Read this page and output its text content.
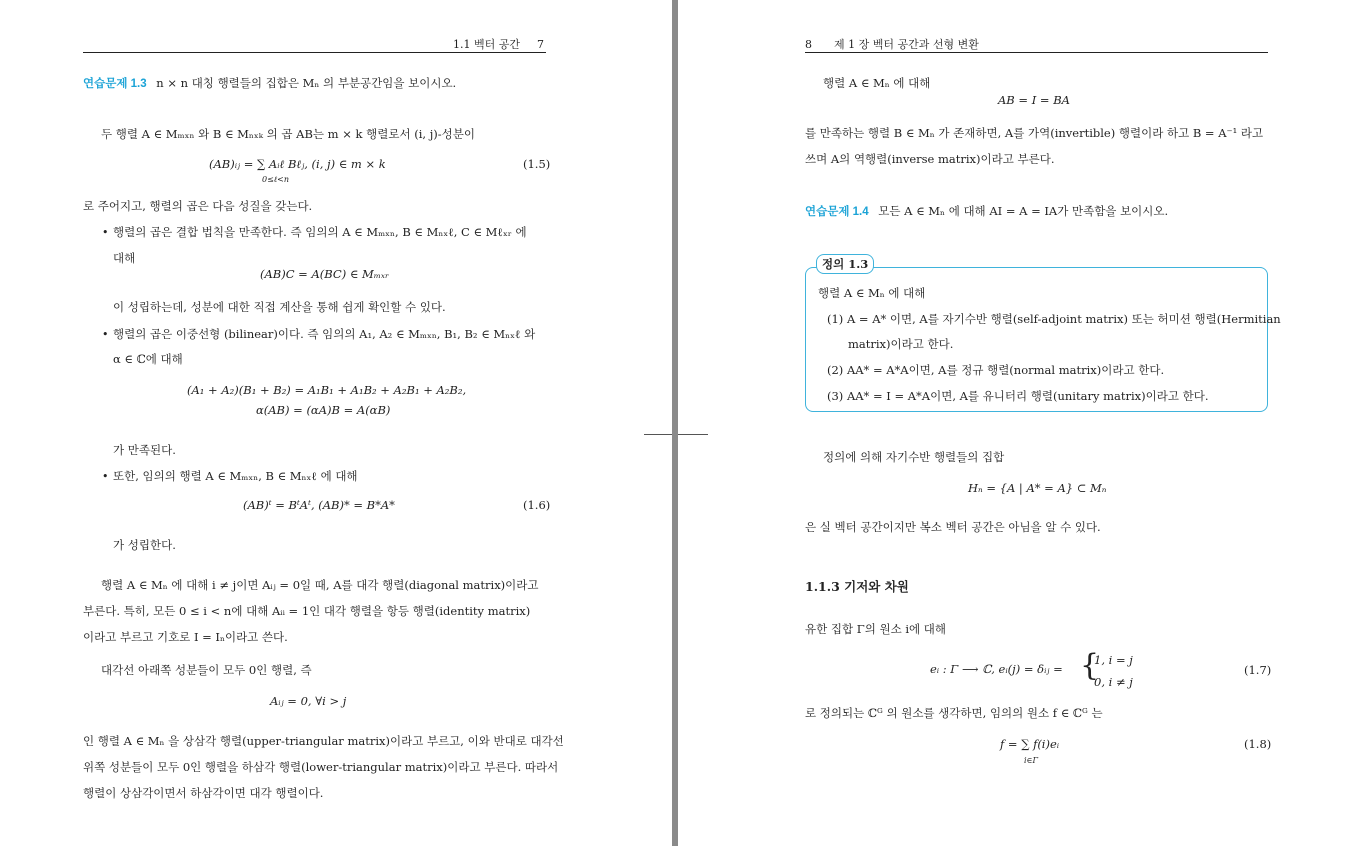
1.1 벡터 공간 7
연습문제 1.3 n × n 대칭 행렬들의 집합은 Mₙ 의 부분공간임을 보이시오.
두 행렬 A ∈ Mₘₓₙ 와 B ∈ Mₙₓₖ 의 곱 AB는 m × k 행렬로서 (i, j)-성분이
(AB)ᵢⱼ = ∑ Aᵢℓ Bℓⱼ, (i, j) ∈ m × k
0≤ℓ<n
(1.5)
로 주어지고, 행렬의 곱은 다음 성질을 갖는다.
• 행렬의 곱은 결합 법칙을 만족한다. 즉 임의의 A ∈ Mₘₓₙ, B ∈ Mₙₓℓ, C ∈ Mℓₓᵣ 에
대해
(AB)C = A(BC) ∈ Mₘₓᵣ
이 성립하는데, 성분에 대한 직접 계산을 통해 쉽게 확인할 수 있다.
• 행렬의 곱은 이중선형 (bilinear)이다. 즉 임의의 A₁, A₂ ∈ Mₘₓₙ, B₁, B₂ ∈ Mₙₓℓ 와
α ∈ ℂ에 대해
(A₁ + A₂)(B₁ + B₂) = A₁B₁ + A₁B₂ + A₂B₁ + A₂B₂,
α(AB) = (αA)B = A(αB)
가 만족된다.
• 또한, 임의의 행렬 A ∈ Mₘₓₙ, B ∈ Mₙₓℓ 에 대해
(AB)ᵗ = BᵗAᵗ, (AB)* = B*A*	(1.6)
가 성립한다.
행렬 A ∈ Mₙ 에 대해 i ≠ j이면 Aᵢⱼ = 0일 때, A를 대각 행렬(diagonal matrix)이라고
부른다. 특히, 모든 0 ≤ i < n에 대해 Aᵢᵢ = 1인 대각 행렬을 항등 행렬(identity matrix)
이라고 부르고 기호로 I = Iₙ이라고 쓴다.
대각선 아래쪽 성분들이 모두 0인 행렬, 즉
Aᵢⱼ = 0, ∀i > j
인 행렬 A ∈ Mₙ 을 상삼각 행렬(upper-triangular matrix)이라고 부르고, 이와 반대로 대각선
위쪽 성분들이 모두 0인 행렬을 하삼각 행렬(lower-triangular matrix)이라고 부른다. 따라서
행렬이 상삼각이면서 하삼각이면 대각 행렬이다.
8 제 1 장 벡터 공간과 선형 변환
행렬 A ∈ Mₙ 에 대해
AB = I = BA
를 만족하는 행렬 B ∈ Mₙ 가 존재하면, A를 가역(invertible) 행렬이라 하고 B = A⁻¹ 라고
쓰며 A의 역행렬(inverse matrix)이라고 부른다.
연습문제 1.4 모든 A ∈ Mₙ 에 대해 AI = A = IA가 만족함을 보이시오.
정의 1.3
행렬 A ∈ Mₙ 에 대해
(1) A = A* 이면, A를 자기수반 행렬(self-adjoint matrix) 또는 허미션 행렬(Hermitian
matrix)이라고 한다.
(2) AA* = A*A이면, A를 정규 행렬(normal matrix)이라고 한다.
(3) AA* = I = A*A이면, A를 유니터리 행렬(unitary matrix)이라고 한다.
정의에 의해 자기수반 행렬들의 집합
Hₙ = {A | A* = A} ⊂ Mₙ
은 실 벡터 공간이지만 복소 벡터 공간은 아님을 알 수 있다.
1.1.3 기저와 차원
유한 집합 Γ의 원소 i에 대해
eᵢ : Γ ⟶ ℂ, eᵢ(j) = δᵢⱼ = {
1, i = j
0, i ≠ j
(1.7)
로 정의되는 ℂᴳ 의 원소를 생각하면, 임의의 원소 f ∈ ℂᴳ 는
f = ∑ f(i)eᵢ
i∈Γ
(1.8)
